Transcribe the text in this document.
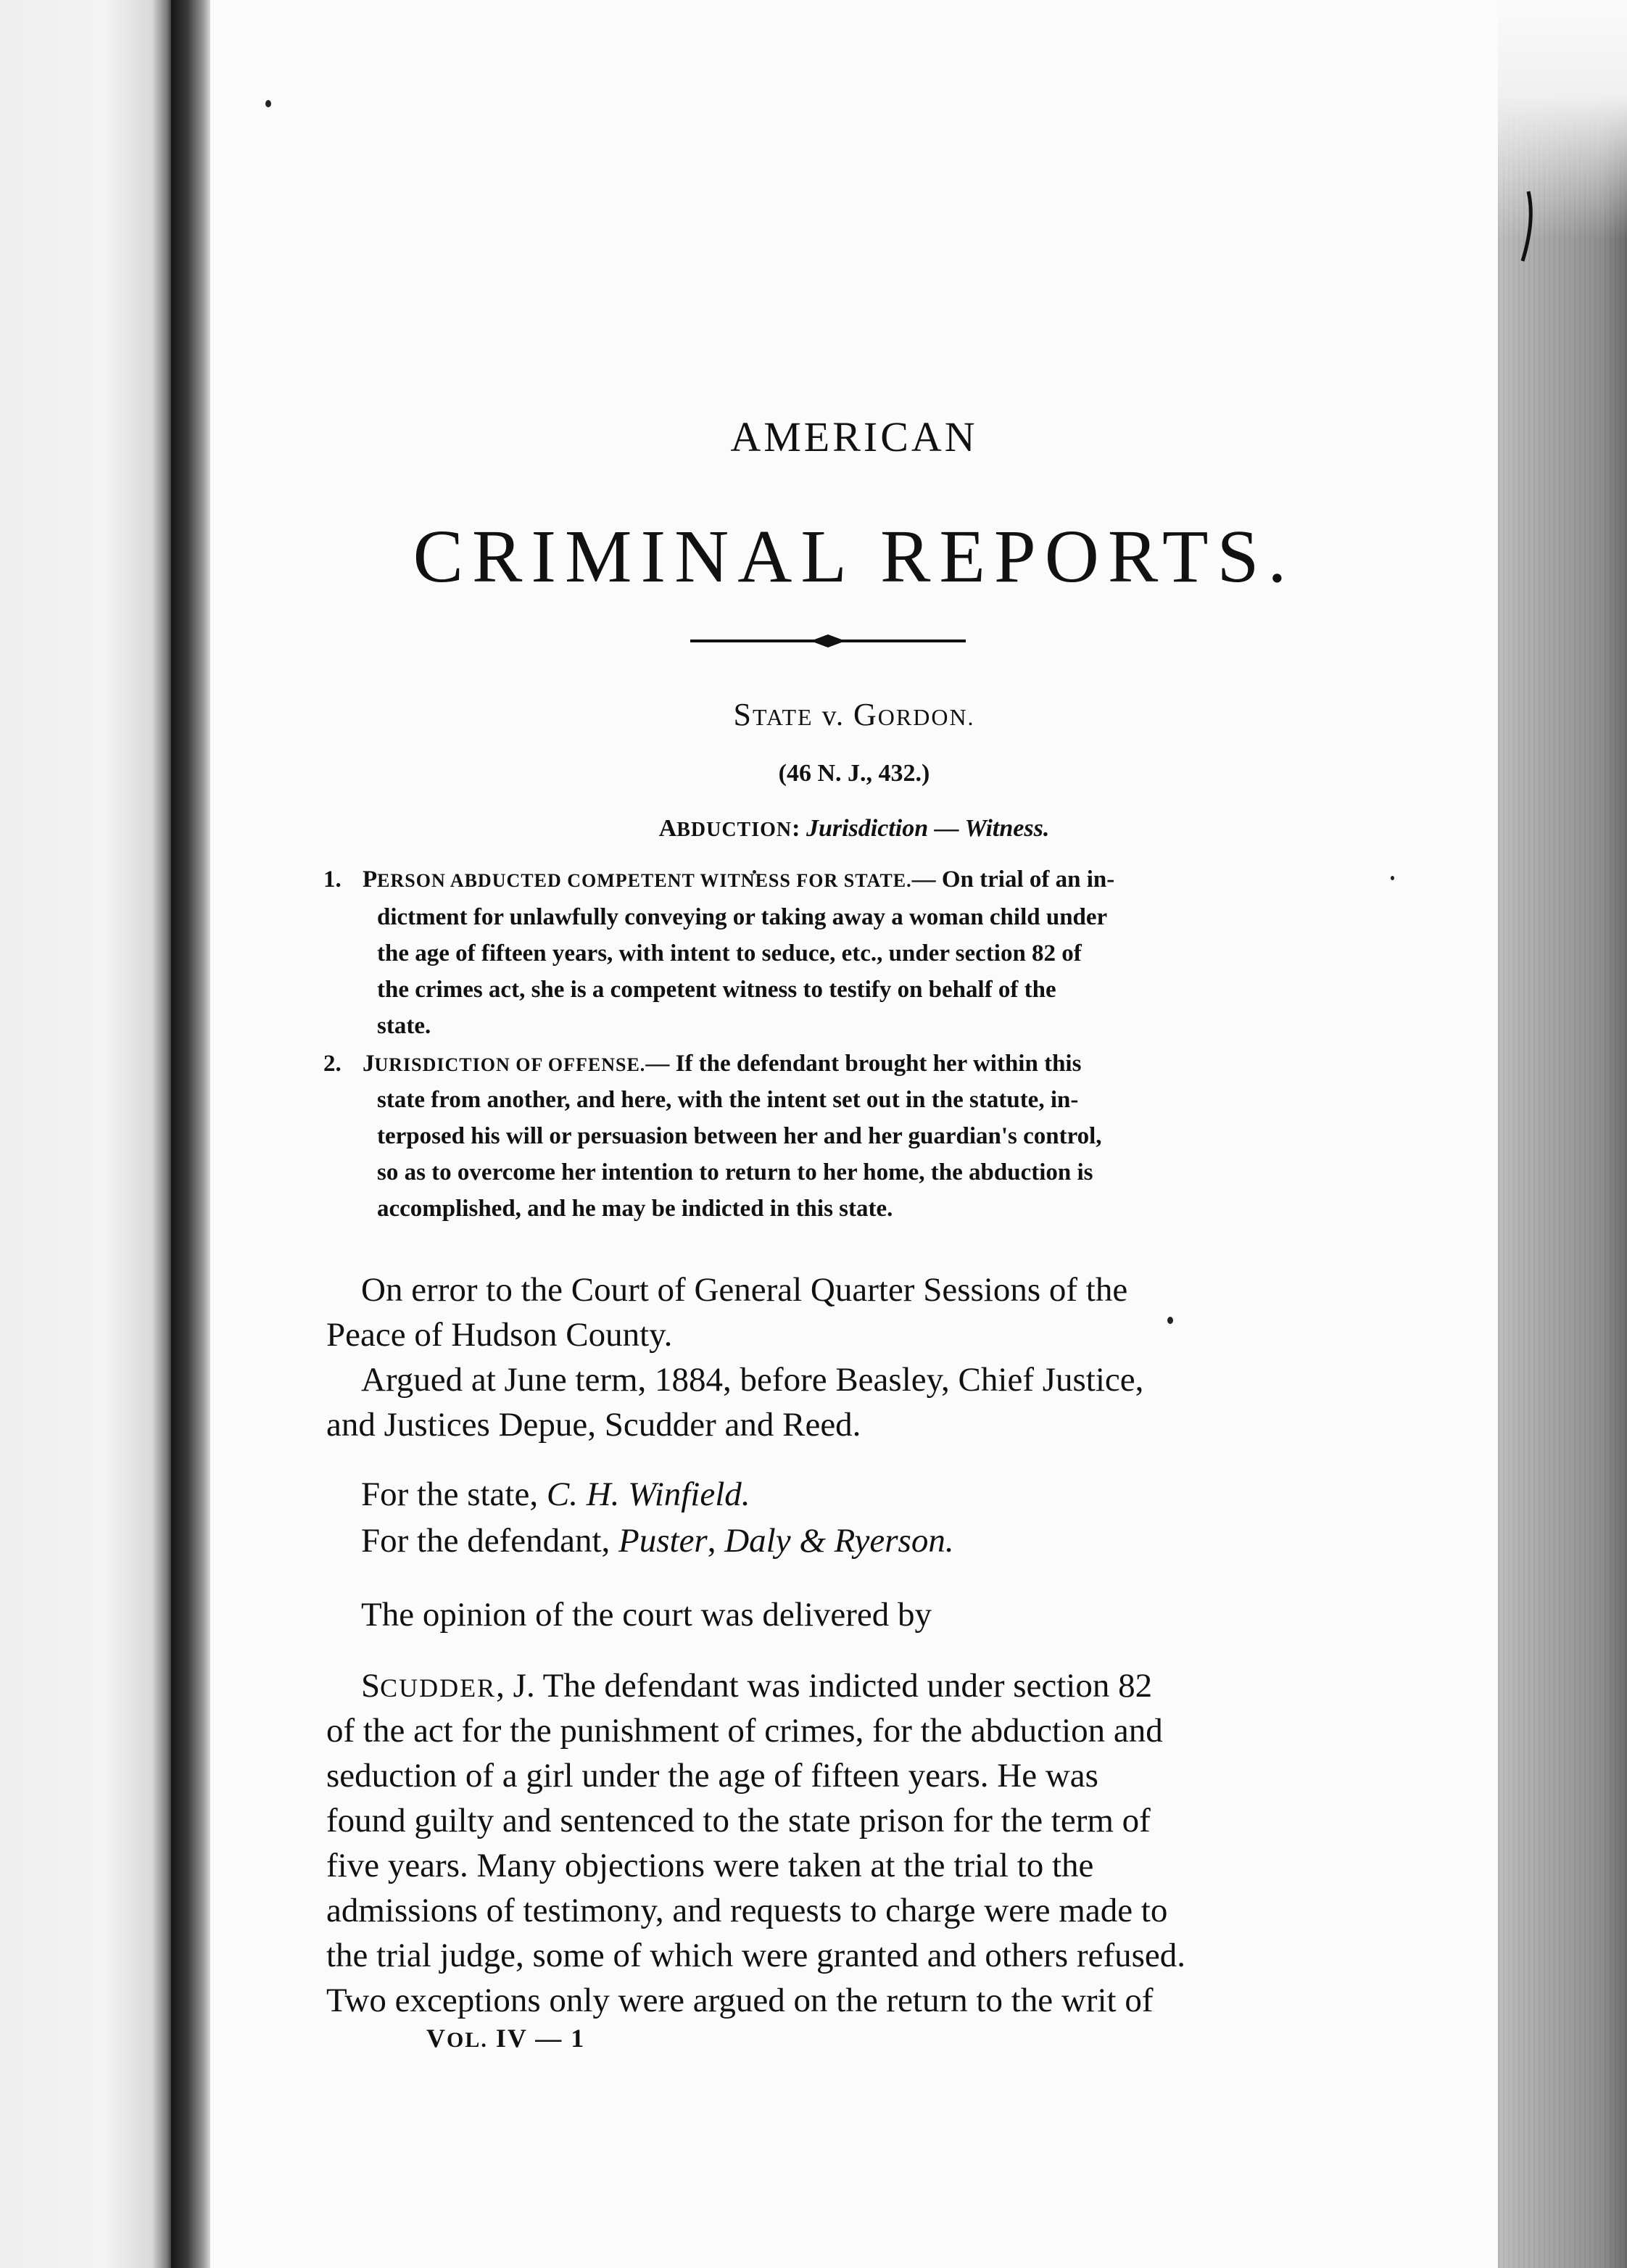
AMERICAN

CRIMINAL REPORTS.

STATE v. GORDON.

(46 N. J., 432.)

ABDUCTION: Jurisdiction — Witness.

1. PERSON ABDUCTED COMPETENT WITNESS FOR STATE.— On trial of an in-

dictment for unlawfully conveying or taking away a woman child under

the age of fifteen years, with intent to seduce, etc., under section 82 of

the crimes act, she is a competent witness to testify on behalf of the

state.

2. JURISDICTION OF OFFENSE.— If the defendant brought her within this

state from another, and here, with the intent set out in the statute, in-

terposed his will or persuasion between her and her guardian's control,

so as to overcome her intention to return to her home, the abduction is

accomplished, and he may be indicted in this state.

On error to the Court of General Quarter Sessions of the

Peace of Hudson County.

Argued at June term, 1884, before Beasley, Chief Justice,

and Justices Depue, Scudder and Reed.

For the state, C. H. Winfield.

For the defendant, Puster, Daly & Ryerson.

The opinion of the court was delivered by

SCUDDER, J. The defendant was indicted under section 82

of the act for the punishment of crimes, for the abduction and

seduction of a girl under the age of fifteen years. He was

found guilty and sentenced to the state prison for the term of

five years. Many objections were taken at the trial to the

admissions of testimony, and requests to charge were made to

the trial judge, some of which were granted and others refused.

Two exceptions only were argued on the return to the writ of

VOL. IV — 1
